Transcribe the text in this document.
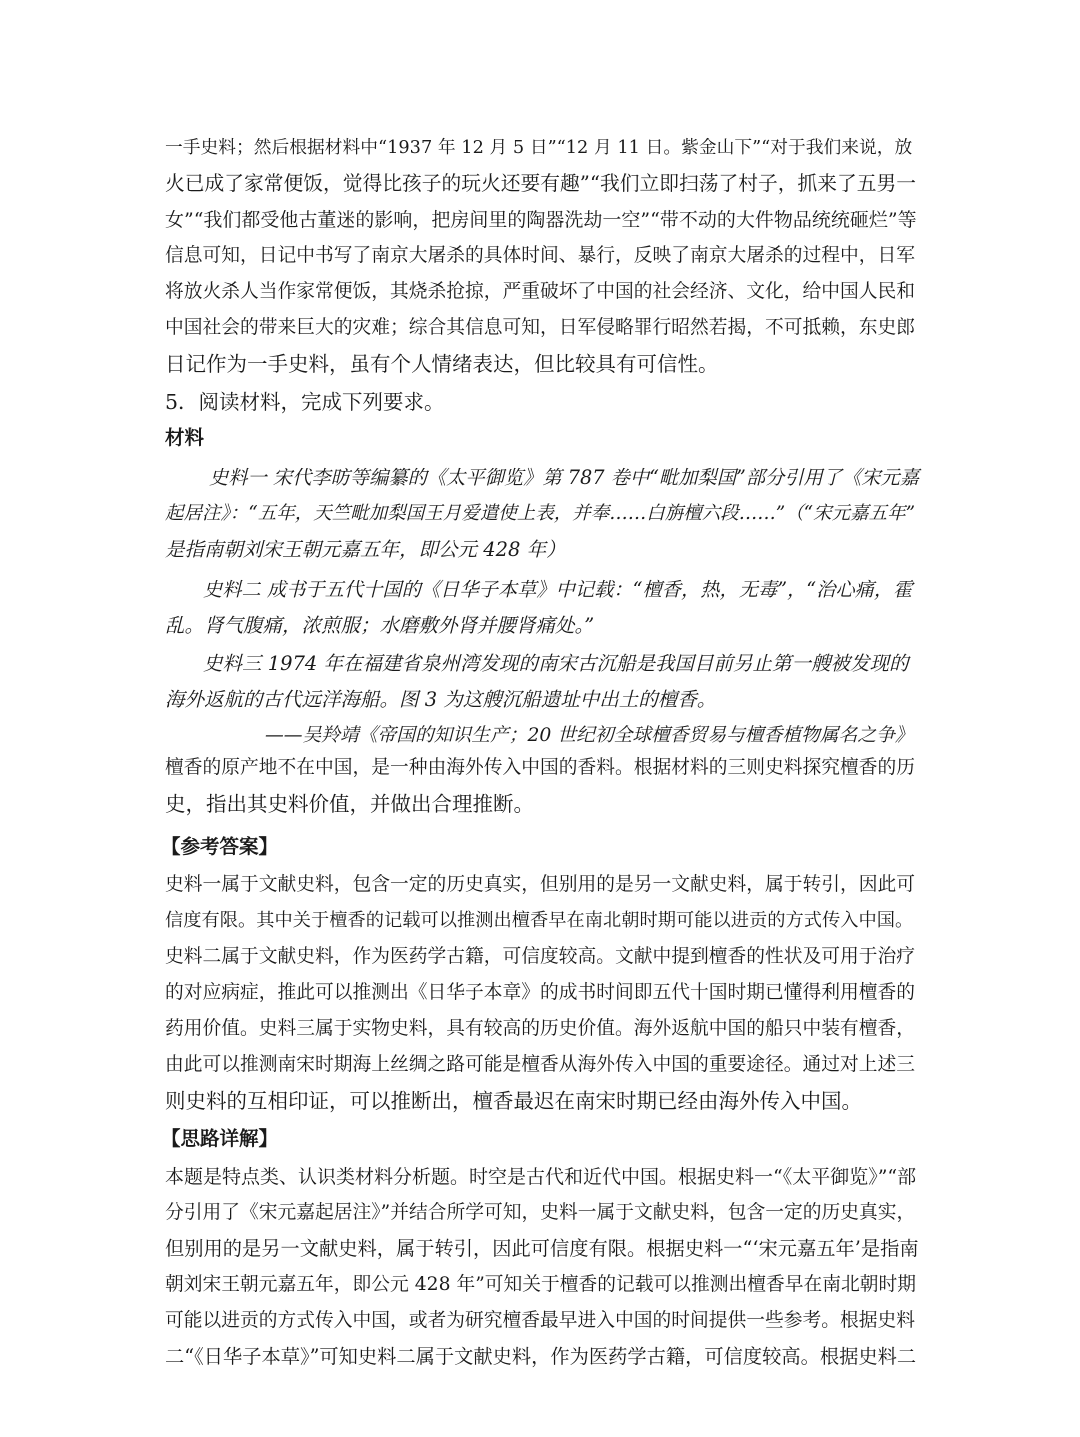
一手史料；然后根据材料中“1937 年 12 月 5 日”“12 月 11 日。紫金山下”“对于我们来说，放
火已成了家常便饭，觉得比孩子的玩火还要有趣”“我们立即扫荡了村子，抓来了五男一
女”“我们都受他古董迷的影响，把房间里的陶器洗劫一空”“带不动的大件物品统统砸烂”等
信息可知，日记中书写了南京大屠杀的具体时间、暴行，反映了南京大屠杀的过程中，日军
将放火杀人当作家常便饭，其烧杀抢掠，严重破坏了中国的社会经济、文化，给中国人民和
中国社会的带来巨大的灾难；综合其信息可知，日军侵略罪行昭然若揭，不可抵赖，东史郎
日记作为一手史料，虽有个人情绪表达，但比较具有可信性。
5．阅读材料，完成下列要求。
材料
史料一 宋代李昉等编纂的《太平御览》第 787 卷中“毗加梨国”部分引用了《宋元嘉
起居注》：“五年，天竺毗加梨国王月爱遣使上表，并奉……白旃檀六段……”（“宋元嘉五年”
是指南朝刘宋王朝元嘉五年，即公元 428 年）
史料二 成书于五代十国的《日华子本草》中记载：“檀香，热，无毒”，“治心痛，霍
乱。肾气腹痛，浓煎服；水磨敷外肾并腰肾痛处。”
史料三 1974 年在福建省泉州湾发现的南宋古沉船是我国目前另止第一艘被发现的
海外返航的古代远洋海船。图 3 为这艘沉船遗址中出土的檀香。
——吴羚靖《帝国的知识生产；20 世纪初全球檀香贸易与檀香植物属名之争》
檀香的原产地不在中国，是一种由海外传入中国的香料。根据材料的三则史料探究檀香的历
史，指出其史料价值，并做出合理推断。
【参考答案】
史料一属于文献史料，包含一定的历史真实，但别用的是另一文献史料，属于转引，因此可
信度有限。其中关于檀香的记载可以推测出檀香早在南北朝时期可能以进贡的方式传入中国。
史料二属于文献史料，作为医药学古籍，可信度较高。文献中提到檀香的性状及可用于治疗
的对应病症，推此可以推测出《日华子本章》的成书时间即五代十国时期已懂得利用檀香的
药用价值。史料三属于实物史料，具有较高的历史价值。海外返航中国的船只中装有檀香，
由此可以推测南宋时期海上丝绸之路可能是檀香从海外传入中国的重要途径。通过对上述三
则史料的互相印证，可以推断出，檀香最迟在南宋时期已经由海外传入中国。
【思路详解】
本题是特点类、认识类材料分析题。时空是古代和近代中国。根据史料一“《太平御览》”“部
分引用了《宋元嘉起居注》”并结合所学可知，史料一属于文献史料，包含一定的历史真实，
但别用的是另一文献史料，属于转引，因此可信度有限。根据史料一“‘宋元嘉五年’是指南
朝刘宋王朝元嘉五年，即公元 428 年”可知关于檀香的记载可以推测出檀香早在南北朝时期
可能以进贡的方式传入中国，或者为研究檀香最早进入中国的时间提供一些参考。根据史料
二“《日华子本草》”可知史料二属于文献史料，作为医药学古籍，可信度较高。根据史料二
